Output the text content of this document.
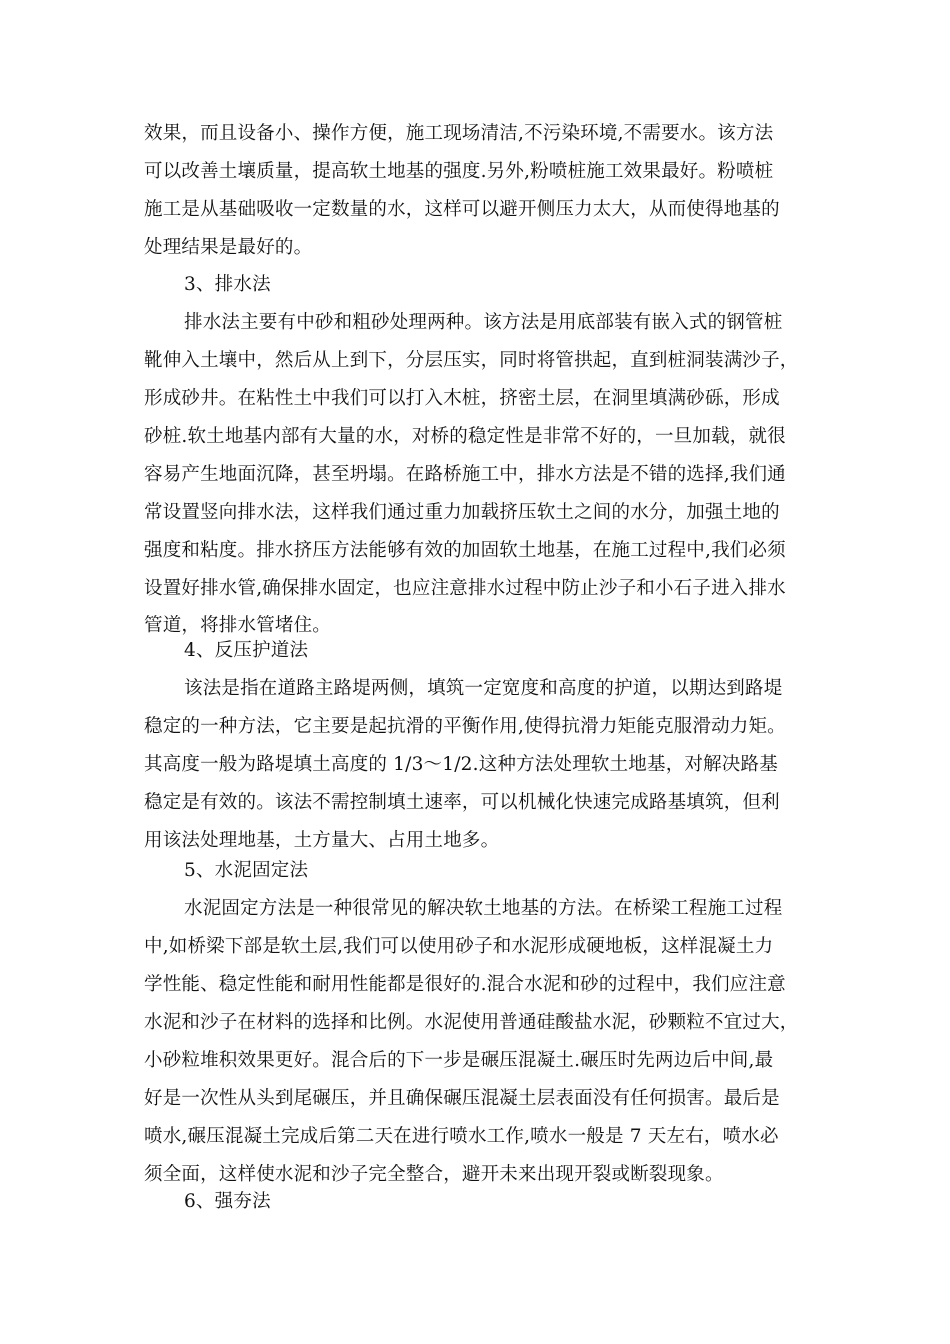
效果，而且设备小、操作方便，施工现场清洁,不污染环境,不需要水。该方法
可以改善土壤质量，提高软土地基的强度.另外,粉喷桩施工效果最好。粉喷桩
施工是从基础吸收一定数量的水，这样可以避开侧压力太大，从而使得地基的
处理结果是最好的。
3、排水法
排水法主要有中砂和粗砂处理两种。该方法是用底部装有嵌入式的钢管桩
靴伸入土壤中，然后从上到下，分层压实，同时将管拱起，直到桩洞装满沙子，
形成砂井。在粘性土中我们可以打入木桩，挤密土层，在洞里填满砂砾，形成
砂桩.软土地基内部有大量的水，对桥的稳定性是非常不好的，一旦加载，就很
容易产生地面沉降，甚至坍塌。在路桥施工中，排水方法是不错的选择,我们通
常设置竖向排水法，这样我们通过重力加载挤压软土之间的水分，加强土地的
强度和粘度。排水挤压方法能够有效的加固软土地基，在施工过程中,我们必须
设置好排水管,确保排水固定，也应注意排水过程中防止沙子和小石子进入排水
管道，将排水管堵住。
4、反压护道法
该法是指在道路主路堤两侧，填筑一定宽度和高度的护道，以期达到路堤
稳定的一种方法，它主要是起抗滑的平衡作用,使得抗滑力矩能克服滑动力矩。
其高度一般为路堤填土高度的 1/3～1/2.这种方法处理软土地基，对解决路基
稳定是有效的。该法不需控制填土速率，可以机械化快速完成路基填筑，但利
用该法处理地基，土方量大、占用土地多。
5、水泥固定法
水泥固定方法是一种很常见的解决软土地基的方法。在桥梁工程施工过程
中,如桥梁下部是软土层,我们可以使用砂子和水泥形成硬地板，这样混凝土力
学性能、稳定性能和耐用性能都是很好的.混合水泥和砂的过程中，我们应注意
水泥和沙子在材料的选择和比例。水泥使用普通硅酸盐水泥，砂颗粒不宜过大，
小砂粒堆积效果更好。混合后的下一步是碾压混凝土.碾压时先两边后中间,最
好是一次性从头到尾碾压，并且确保碾压混凝土层表面没有任何损害。最后是
喷水,碾压混凝土完成后第二天在进行喷水工作,喷水一般是 7 天左右，喷水必
须全面，这样使水泥和沙子完全整合，避开未来出现开裂或断裂现象。
6、强夯法
